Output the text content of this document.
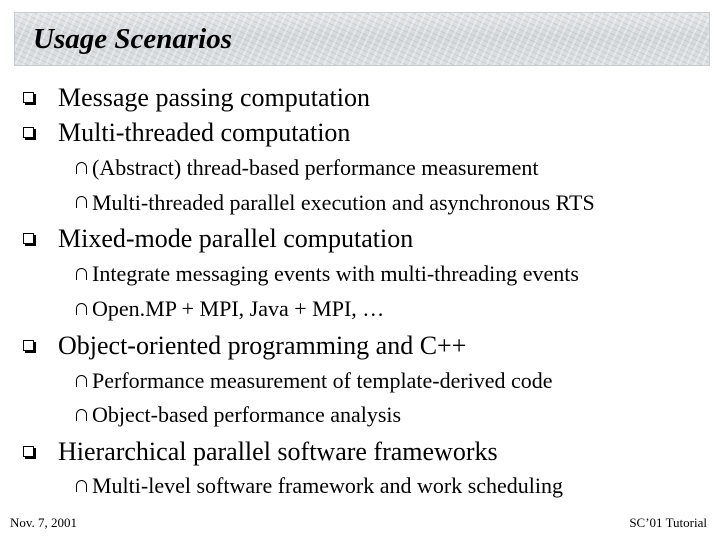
Usage Scenarios
Message passing computation
Multi-threaded computation
(Abstract) thread-based performance measurement
Multi-threaded parallel execution and asynchronous RTS
Mixed-mode parallel computation
Integrate messaging events with multi-threading events
Open.MP + MPI, Java + MPI, …
Object-oriented programming and C++
Performance measurement of template-derived code
Object-based performance analysis
Hierarchical parallel software frameworks
Multi-level software framework and work scheduling
Nov. 7, 2001	SC’01 Tutorial
